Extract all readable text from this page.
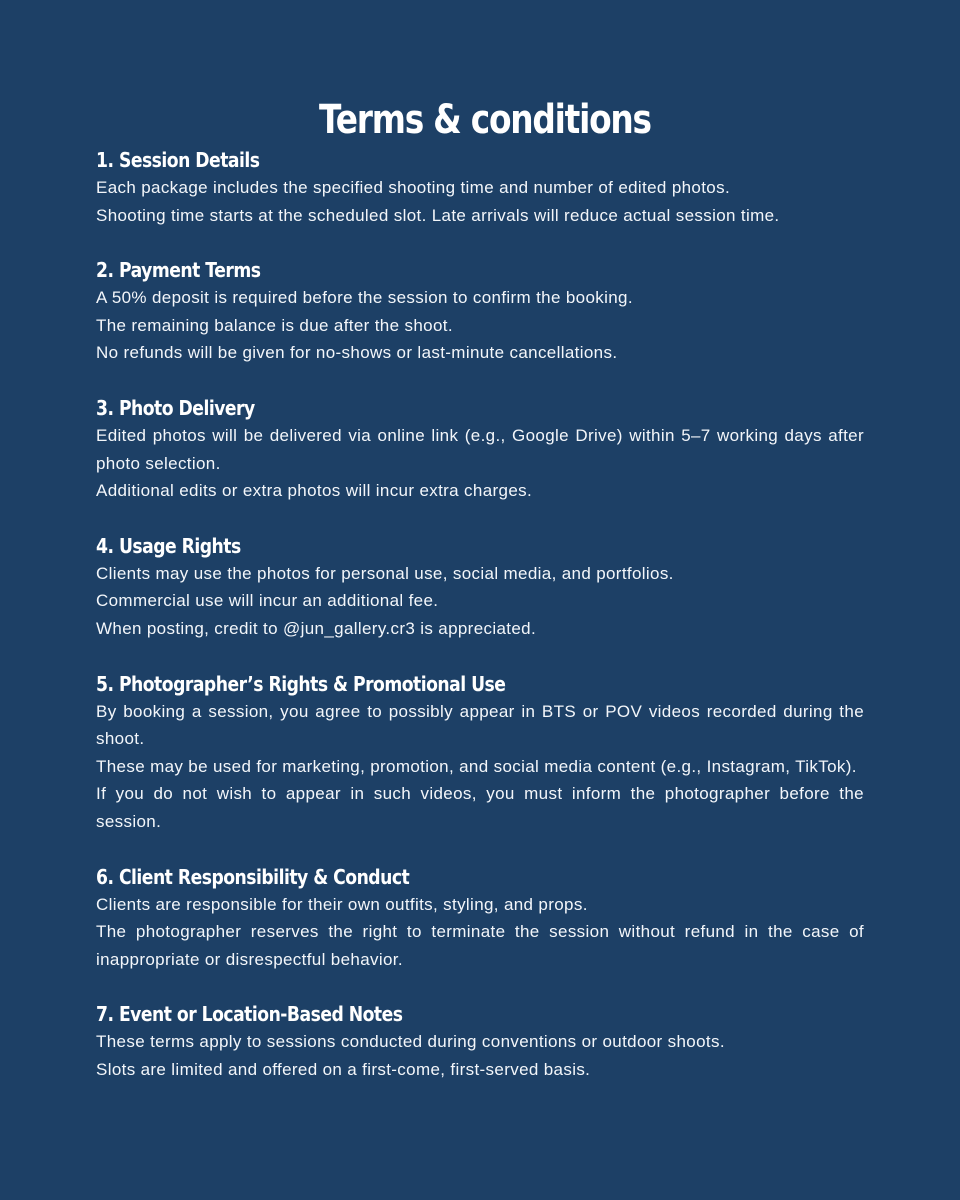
Terms & conditions
1. Session Details

Each package includes the specified shooting time and number of edited photos.

Shooting time starts at the scheduled slot. Late arrivals will reduce actual session time.

2. Payment Terms

A 50% deposit is required before the session to confirm the booking.

The remaining balance is due after the shoot.

No refunds will be given for no-shows or last-minute cancellations.

3. Photo Delivery

Edited photos will be delivered via online link (e.g., Google Drive) within 5–7 working days after photo selection.

Additional edits or extra photos will incur extra charges.

4. Usage Rights

Clients may use the photos for personal use, social media, and portfolios.

Commercial use will incur an additional fee.

When posting, credit to @jun_gallery.cr3 is appreciated.

5. Photographer’s Rights & Promotional Use

By booking a session, you agree to possibly appear in BTS or POV videos recorded during the shoot.

These may be used for marketing, promotion, and social media content (e.g., Instagram, TikTok).

If you do not wish to appear in such videos, you must inform the photographer before the session.

6. Client Responsibility & Conduct

Clients are responsible for their own outfits, styling, and props.

The photographer reserves the right to terminate the session without refund in the case of inappropriate or disrespectful behavior.

7. Event or Location-Based Notes

These terms apply to sessions conducted during conventions or outdoor shoots.

Slots are limited and offered on a first-come, first-served basis.
